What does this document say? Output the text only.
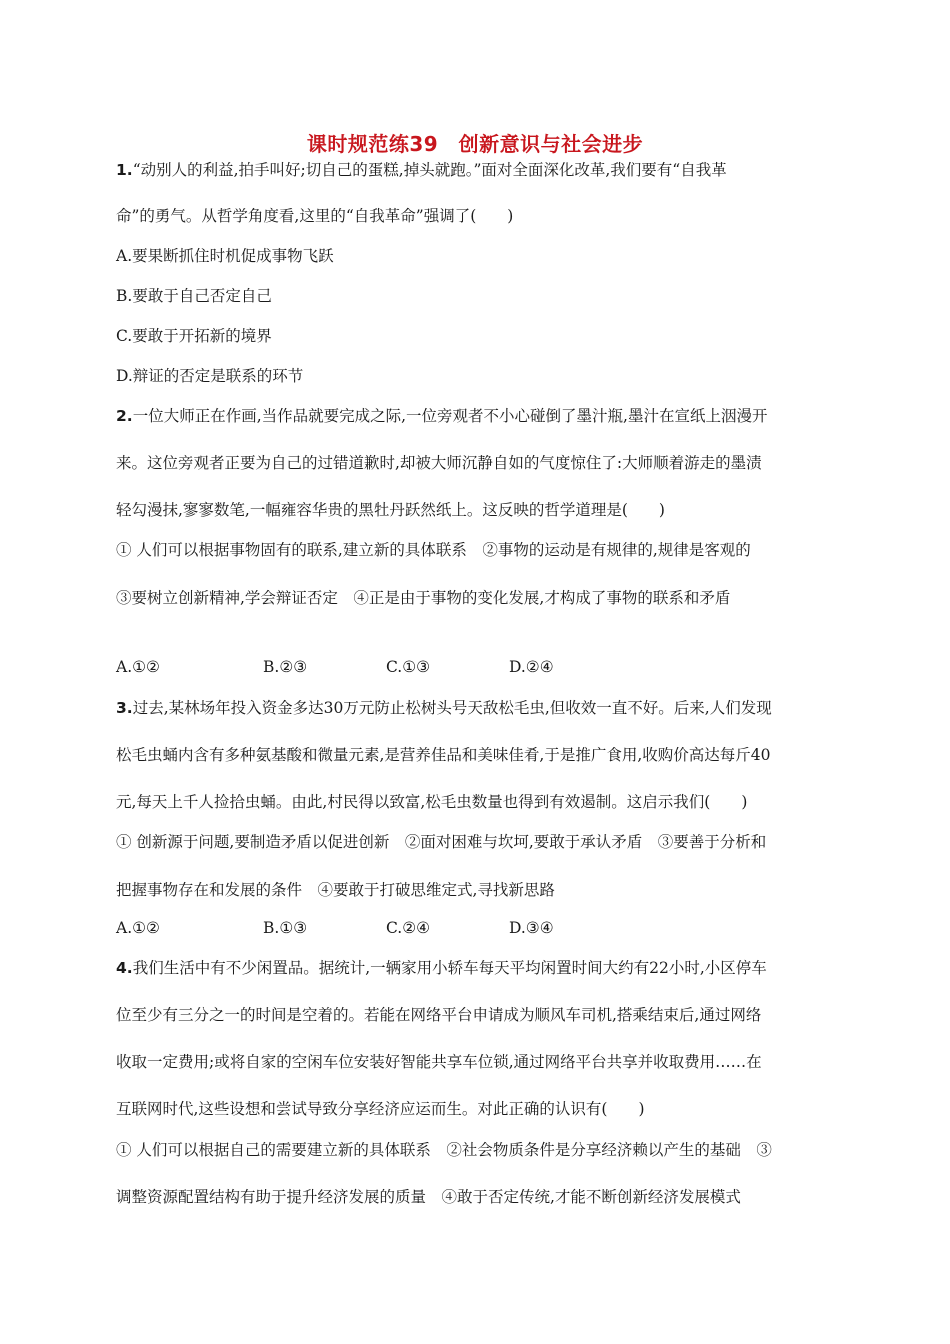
课时规范练39　创新意识与社会进步
1.“动别人的利益,拍手叫好;切自己的蛋糕,掉头就跑。”面对全面深化改革,我们要有“自我革
命”的勇气。从哲学角度看,这里的“自我革命”强调了(　　)
A.要果断抓住时机促成事物飞跃
B.要敢于自己否定自己
C.要敢于开拓新的境界
D.辩证的否定是联系的环节
2.一位大师正在作画,当作品就要完成之际,一位旁观者不小心碰倒了墨汁瓶,墨汁在宣纸上洇漫开
来。这位旁观者正要为自己的过错道歉时,却被大师沉静自如的气度惊住了:大师顺着游走的墨渍
轻勾漫抹,寥寥数笔,一幅雍容华贵的黑牡丹跃然纸上。这反映的哲学道理是(　　)
① 人们可以根据事物固有的联系,建立新的具体联系　②事物的运动是有规律的,规律是客观的
③要树立创新精神,学会辩证否定　④正是由于事物的变化发展,才构成了事物的联系和矛盾
A.①②	B.②③	C.①③	D.②④
3.过去,某林场年投入资金多达30万元防止松树头号天敌松毛虫,但收效一直不好。后来,人们发现
松毛虫蛹内含有多种氨基酸和微量元素,是营养佳品和美味佳肴,于是推广食用,收购价高达每斤40
元,每天上千人捡拾虫蛹。由此,村民得以致富,松毛虫数量也得到有效遏制。这启示我们(　　)
① 创新源于问题,要制造矛盾以促进创新　②面对困难与坎坷,要敢于承认矛盾　③要善于分析和
把握事物存在和发展的条件　④要敢于打破思维定式,寻找新思路
A.①②	B.①③	C.②④	D.③④
4.我们生活中有不少闲置品。据统计,一辆家用小轿车每天平均闲置时间大约有22小时,小区停车
位至少有三分之一的时间是空着的。若能在网络平台申请成为顺风车司机,搭乘结束后,通过网络
收取一定费用;或将自家的空闲车位安装好智能共享车位锁,通过网络平台共享并收取费用……在
互联网时代,这些设想和尝试导致分享经济应运而生。对此正确的认识有(　　)
① 人们可以根据自己的需要建立新的具体联系　②社会物质条件是分享经济赖以产生的基础　③
调整资源配置结构有助于提升经济发展的质量　④敢于否定传统,才能不断创新经济发展模式
